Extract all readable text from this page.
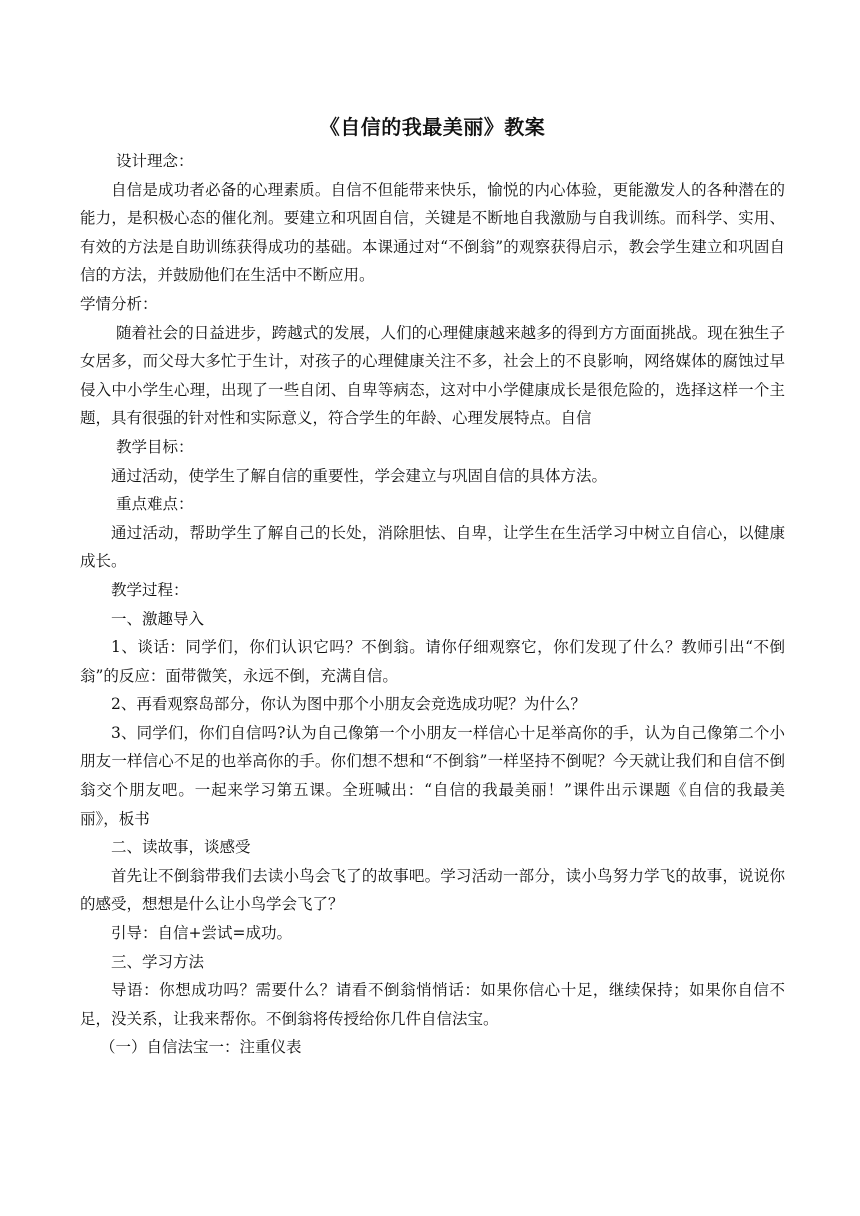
《自信的我最美丽》教案

设计理念：

自信是成功者必备的心理素质。自信不但能带来快乐，愉悦的内心体验，更能激发人的各种潜在的能力，是积极心态的催化剂。要建立和巩固自信，关键是不断地自我激励与自我训练。而科学、实用、有效的方法是自助训练获得成功的基础。本课通过对“不倒翁”的观察获得启示，教会学生建立和巩固自信的方法，并鼓励他们在生活中不断应用。

学情分析：

随着社会的日益进步，跨越式的发展，人们的心理健康越来越多的得到方方面面挑战。现在独生子女居多，而父母大多忙于生计，对孩子的心理健康关注不多，社会上的不良影响，网络媒体的腐蚀过早侵入中小学生心理，出现了一些自闭、自卑等病态，这对中小学健康成长是很危险的，选择这样一个主题，具有很强的针对性和实际意义，符合学生的年龄、心理发展特点。自信

教学目标：

通过活动，使学生了解自信的重要性，学会建立与巩固自信的具体方法。

重点难点：

通过活动，帮助学生了解自己的长处，消除胆怯、自卑，让学生在生活学习中树立自信心，以健康成长。

教学过程：

一、激趣导入

1、谈话：同学们，你们认识它吗？不倒翁。请你仔细观察它，你们发现了什么？教师引出“不倒翁”的反应：面带微笑，永远不倒，充满自信。

2、再看观察岛部分，你认为图中那个小朋友会竞选成功呢？为什么？

3、同学们，你们自信吗?认为自己像第一个小朋友一样信心十足举高你的手，认为自己像第二个小朋友一样信心不足的也举高你的手。你们想不想和“不倒翁”一样坚持不倒呢？今天就让我们和自信不倒翁交个朋友吧。一起来学习第五课。全班喊出：“自信的我最美丽！”课件出示课题《自信的我最美丽》，板书

二、读故事，谈感受

首先让不倒翁带我们去读小鸟会飞了的故事吧。学习活动一部分，读小鸟努力学飞的故事，说说你的感受，想想是什么让小鸟学会飞了？

引导：自信+尝试=成功。

三、学习方法

导语：你想成功吗？需要什么？请看不倒翁悄悄话：如果你信心十足，继续保持；如果你自信不足，没关系，让我来帮你。不倒翁将传授给你几件自信法宝。

（一）自信法宝一：注重仪表
